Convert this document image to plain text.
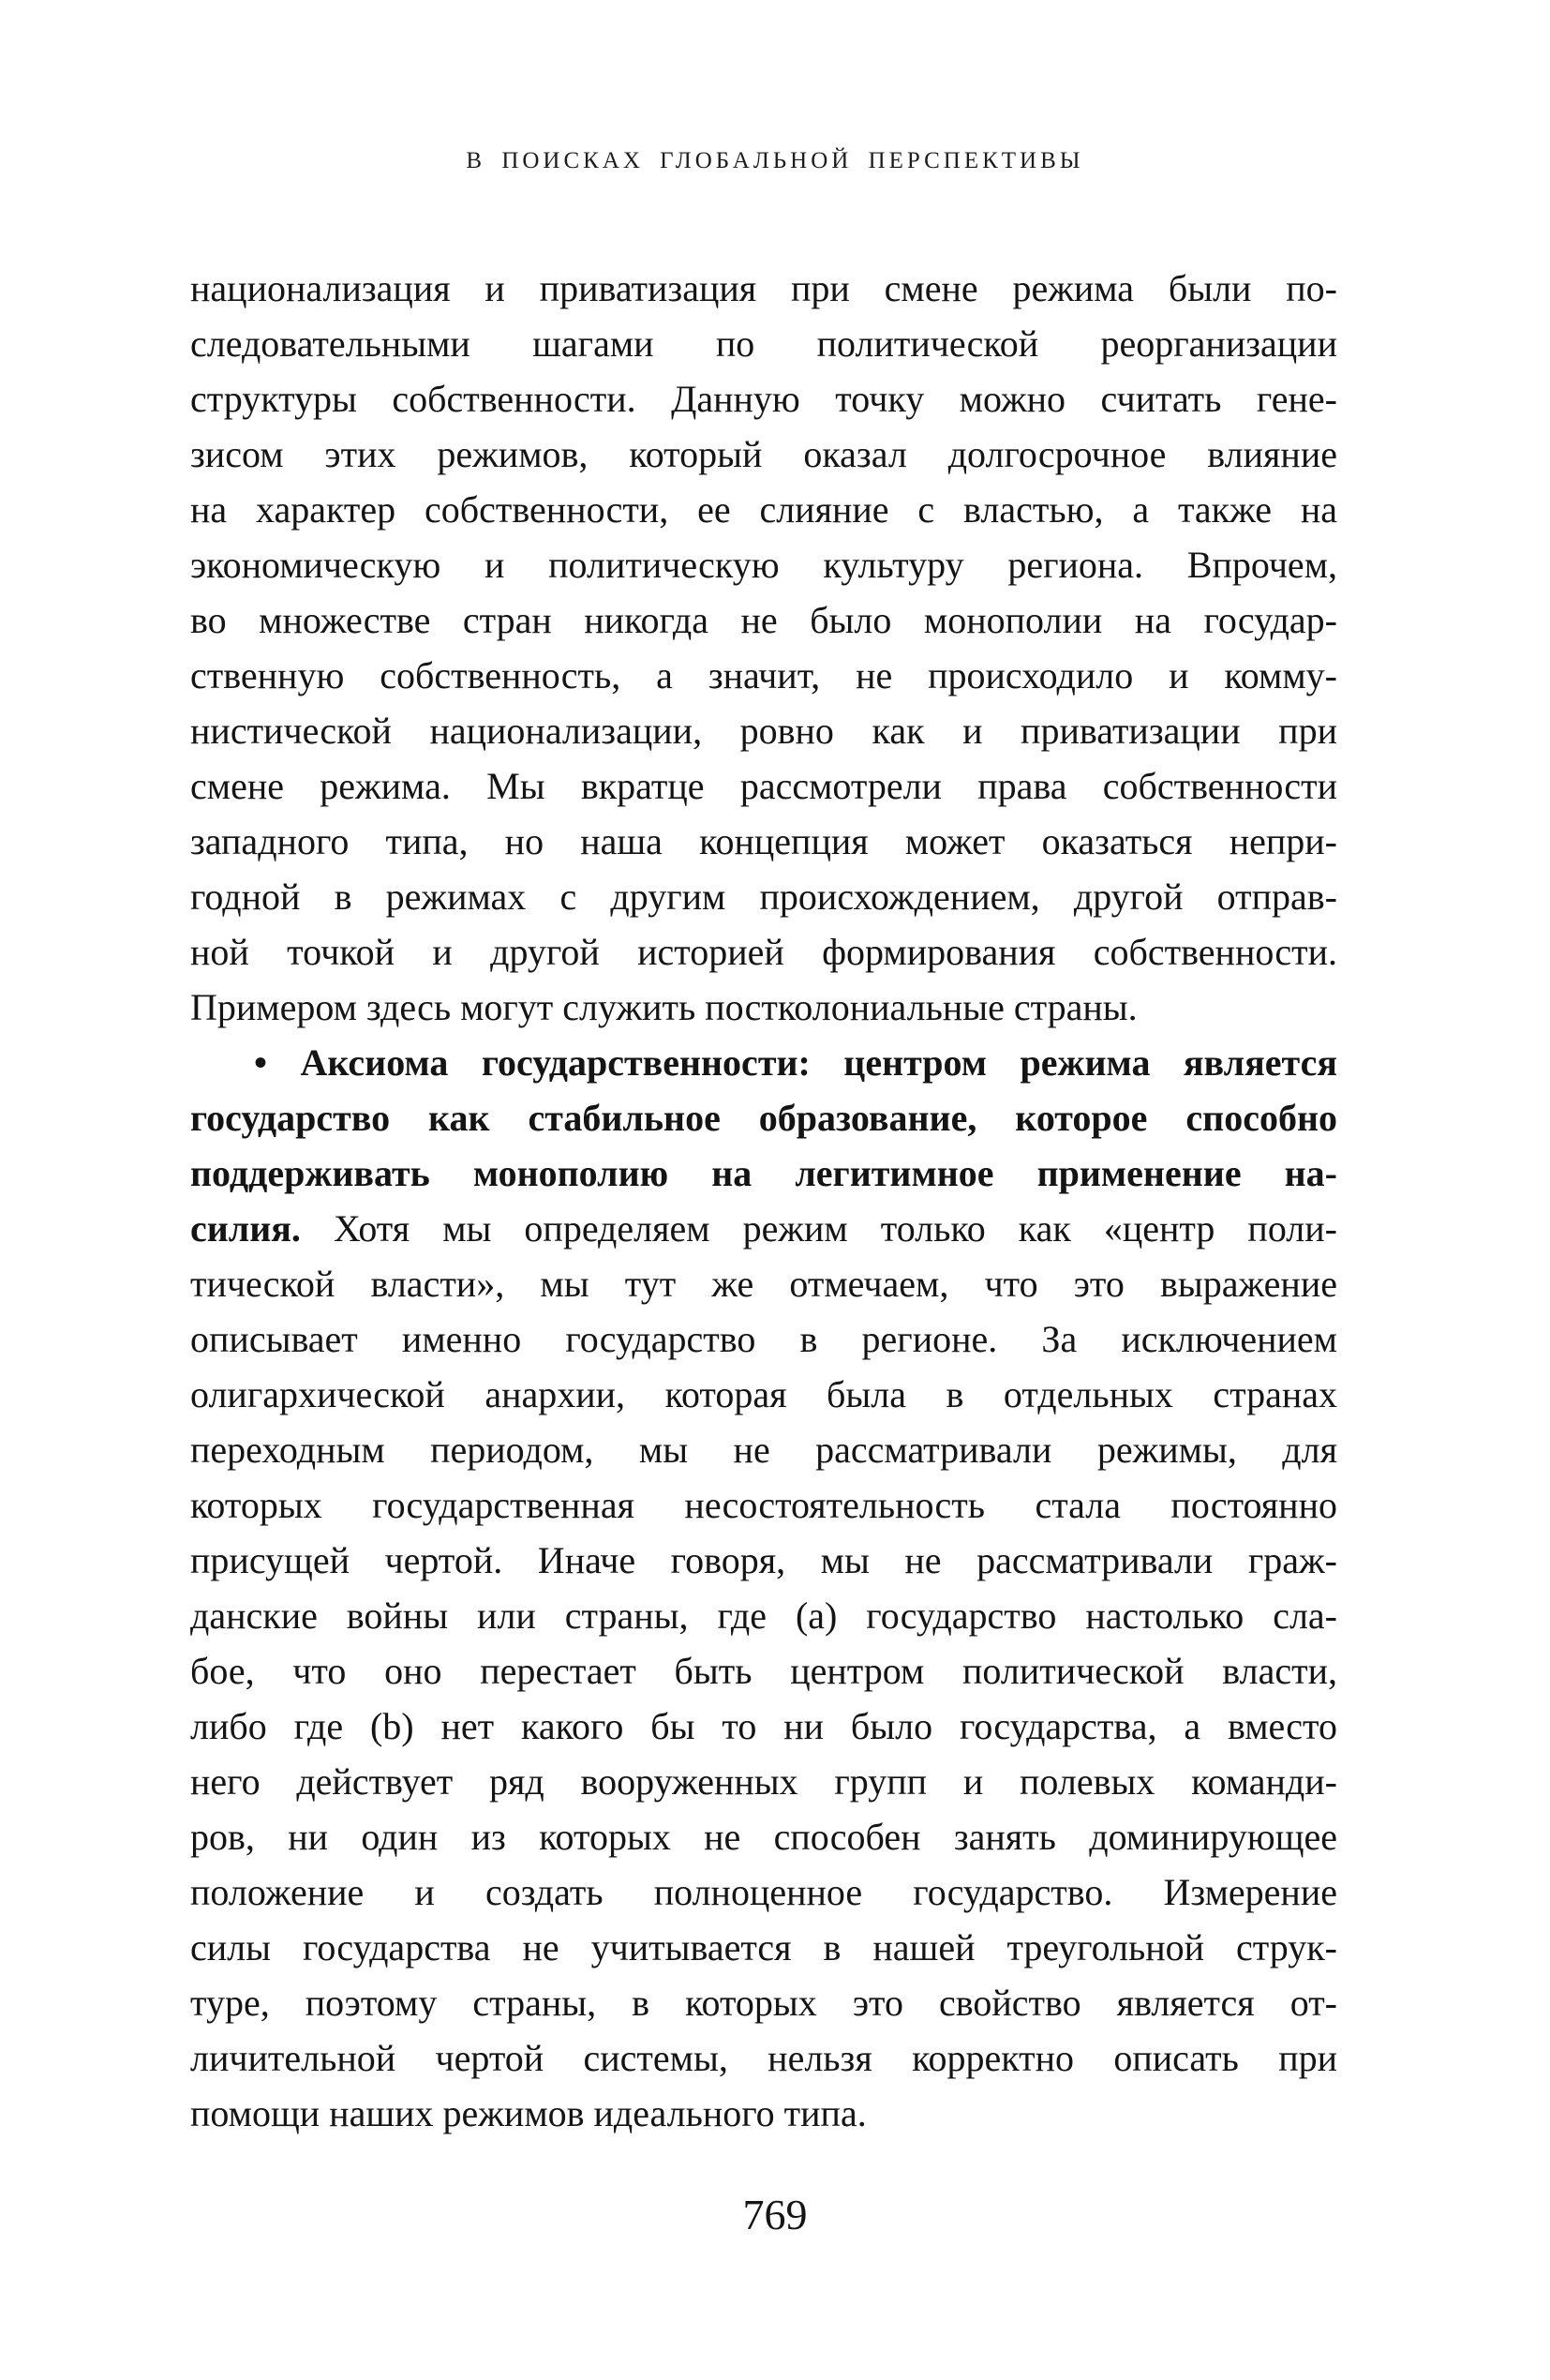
В ПОИСКАХ ГЛОБАЛЬНОЙ ПЕРСПЕКТИВЫ
национализация и приватизация при смене режима были по-
следовательными шагами по политической реорганизации
структуры собственности. Данную точку можно считать гене-
зисом этих режимов, который оказал долгосрочное влияние
на характер собственности, ее слияние с властью, а также на
экономическую и политическую культуру региона. Впрочем,
во множестве стран никогда не было монополии на государ-
ственную собственность, а значит, не происходило и комму-
нистической национализации, ровно как и приватизации при
смене режима. Мы вкратце рассмотрели права собственности
западного типа, но наша концепция может оказаться непри-
годной в режимах с другим происхождением, другой отправ-
ной точкой и другой историей формирования собственности.
Примером здесь могут служить постколониальные страны.
• Аксиома государственности: центром режима является
государство как стабильное образование, которое способно
поддерживать монополию на легитимное применение на-
силия. Хотя мы определяем режим только как «центр поли-
тической власти», мы тут же отмечаем, что это выражение
описывает именно государство в регионе. За исключением
олигархической анархии, которая была в отдельных странах
переходным периодом, мы не рассматривали режимы, для
которых государственная несостоятельность стала постоянно
присущей чертой. Иначе говоря, мы не рассматривали граж-
данские войны или страны, где (а) государство настолько сла-
бое, что оно перестает быть центром политической власти,
либо где (b) нет какого бы то ни было государства, а вместо
него действует ряд вооруженных групп и полевых команди-
ров, ни один из которых не способен занять доминирующее
положение и создать полноценное государство. Измерение
силы государства не учитывается в нашей треугольной струк-
туре, поэтому страны, в которых это свойство является от-
личительной чертой системы, нельзя корректно описать при
помощи наших режимов идеального типа.
769
